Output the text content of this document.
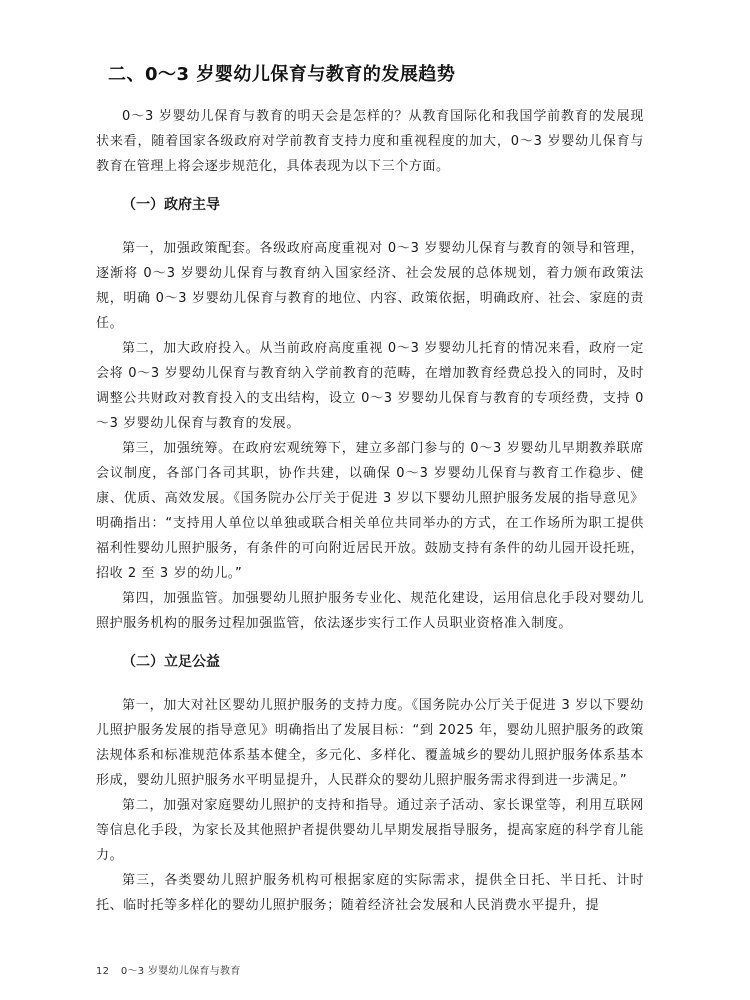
二、0～3 岁婴幼儿保育与教育的发展趋势

0～3 岁婴幼儿保育与教育的明天会是怎样的？从教育国际化和我国学前教育的发展现状来看，随着国家各级政府对学前教育支持力度和重视程度的加大，0～3 岁婴幼儿保育与教育在管理上将会逐步规范化，具体表现为以下三个方面。

（一）政府主导

第一，加强政策配套。各级政府高度重视对 0～3 岁婴幼儿保育与教育的领导和管理，逐渐将 0～3 岁婴幼儿保育与教育纳入国家经济、社会发展的总体规划，着力颁布政策法规，明确 0～3 岁婴幼儿保育与教育的地位、内容、政策依据，明确政府、社会、家庭的责任。

第二，加大政府投入。从当前政府高度重视 0～3 岁婴幼儿托育的情况来看，政府一定会将 0～3 岁婴幼儿保育与教育纳入学前教育的范畴，在增加教育经费总投入的同时，及时调整公共财政对教育投入的支出结构，设立 0～3 岁婴幼儿保育与教育的专项经费，支持 0～3 岁婴幼儿保育与教育的发展。

第三，加强统筹。在政府宏观统筹下，建立多部门参与的 0～3 岁婴幼儿早期教养联席会议制度，各部门各司其职，协作共建，以确保 0～3 岁婴幼儿保育与教育工作稳步、健康、优质、高效发展。《国务院办公厅关于促进 3 岁以下婴幼儿照护服务发展的指导意见》明确指出：“支持用人单位以单独或联合相关单位共同举办的方式，在工作场所为职工提供福利性婴幼儿照护服务，有条件的可向附近居民开放。鼓励支持有条件的幼儿园开设托班，招收 2 至 3 岁的幼儿。”

第四，加强监管。加强婴幼儿照护服务专业化、规范化建设，运用信息化手段对婴幼儿照护服务机构的服务过程加强监管，依法逐步实行工作人员职业资格准入制度。

（二）立足公益

第一，加大对社区婴幼儿照护服务的支持力度。《国务院办公厅关于促进 3 岁以下婴幼儿照护服务发展的指导意见》明确指出了发展目标：“到 2025 年，婴幼儿照护服务的政策法规体系和标准规范体系基本健全，多元化、多样化、覆盖城乡的婴幼儿照护服务体系基本形成，婴幼儿照护服务水平明显提升，人民群众的婴幼儿照护服务需求得到进一步满足。”

第二，加强对家庭婴幼儿照护的支持和指导。通过亲子活动、家长课堂等，利用互联网等信息化手段，为家长及其他照护者提供婴幼儿早期发展指导服务，提高家庭的科学育儿能力。

第三，各类婴幼儿照护服务机构可根据家庭的实际需求，提供全日托、半日托、计时托、临时托等多样化的婴幼儿照护服务；随着经济社会发展和人民消费水平提升，提

12 0～3 岁婴幼儿保育与教育
